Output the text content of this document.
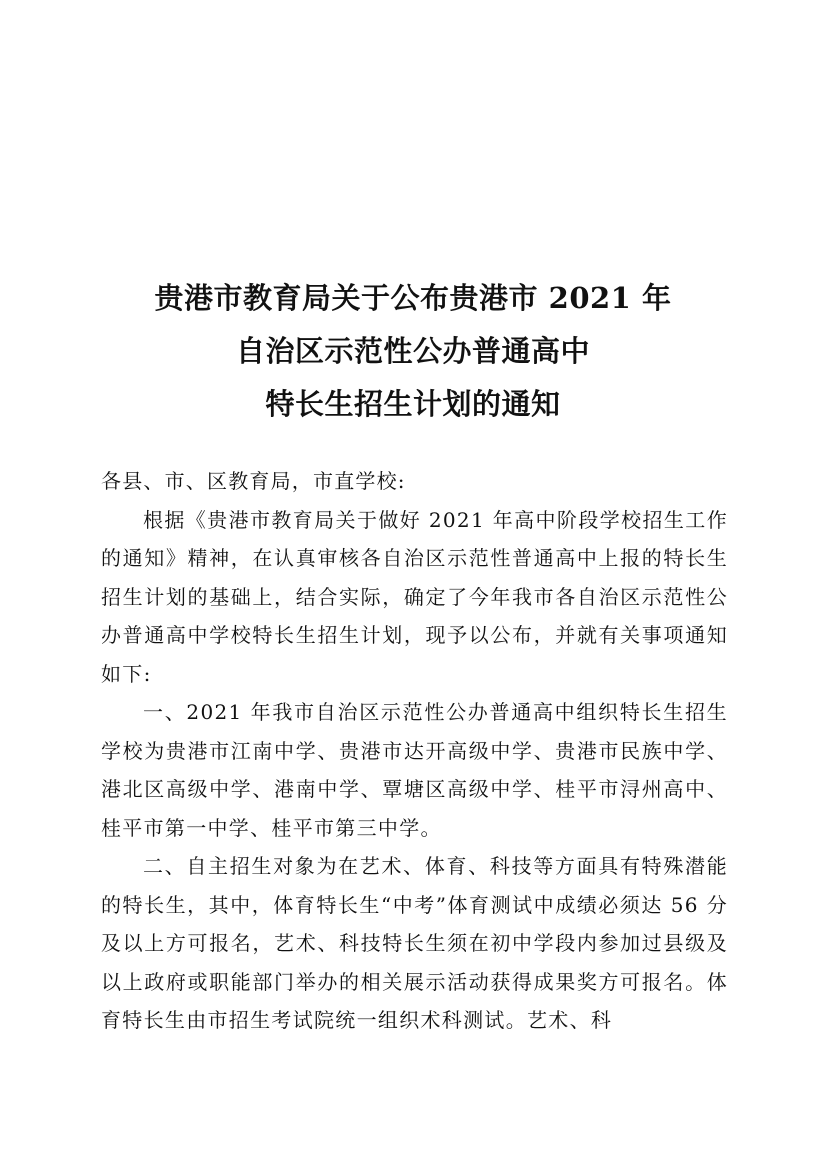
贵港市教育局关于公布贵港市 2021 年
自治区示范性公办普通高中
特长生招生计划的通知

各县、市、区教育局，市直学校:

根据《贵港市教育局关于做好 2021 年高中阶段学校招生工作的通知》精神，在认真审核各自治区示范性普通高中上报的特长生招生计划的基础上，结合实际，确定了今年我市各自治区示范性公办普通高中学校特长生招生计划，现予以公布，并就有关事项通知如下:

一、2021 年我市自治区示范性公办普通高中组织特长生招生学校为贵港市江南中学、贵港市达开高级中学、贵港市民族中学、港北区高级中学、港南中学、覃塘区高级中学、桂平市浔州高中、桂平市第一中学、桂平市第三中学。

二、自主招生对象为在艺术、体育、科技等方面具有特殊潜能的特长生，其中，体育特长生“中考”体育测试中成绩必须达 56 分及以上方可报名，艺术、科技特长生须在初中学段内参加过县级及以上政府或职能部门举办的相关展示活动获得成果奖方可报名。体育特长生由市招生考试院统一组织术科测试。艺术、科
